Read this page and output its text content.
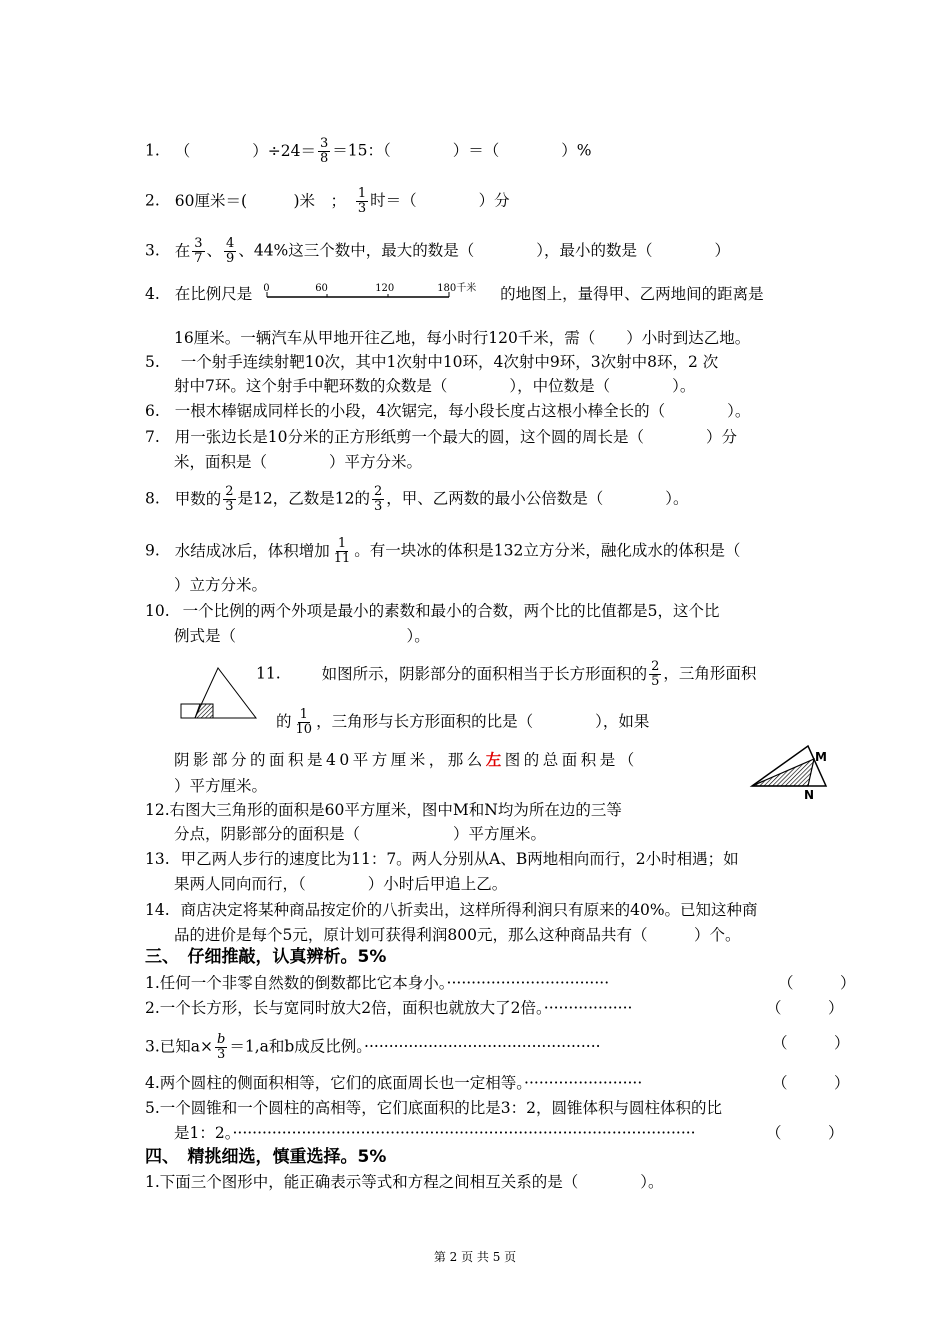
1. （　　　　）$\div 24= \frac{3}{8} =15$：（　　　　）＝（　　　　）%
2. 60厘米＝(　　　)米　；　 $\frac{1}{3}$ 时＝（　　　　）分
3. 在 $\frac{3}{7}$ 、 $\frac{4}{9}$ 、44%这三个数中，最大的数是（　　　　），最小的数是（　　　　）
4. 在比例尺是 0	60	120	180千米 的地图上，量得甲、乙两地间的距离是
16厘米。一辆汽车从甲地开往乙地，每小时行120千米，需（　　）小时到达乙地。
5. 一个射手连续射靶10次，其中1次射中10环，4次射中9环，3次射中8环，2 次
射中7环。这个射手中靶环数的众数是（　　　　），中位数是（　　　　）。
6. 一根木棒锯成同样长的小段，4次锯完，每小段长度占这根小棒全长的（　　　　）。
7. 用一张边长是10分米的正方形纸剪一个最大的圆，这个圆的周长是（　　　　）分
米，面积是（　　　　）平方分米。
8. 甲数的 $\frac{2}{3}$ 是12，乙数是12的 $\frac{2}{3}$ ，甲、乙两数的最小公倍数是（　　　　）。
9. 水结成冰后，体积增加 $\frac{1}{11}$ 。有一块冰的体积是132立方分米，融化成水的体积是（
）立方分米。
10. 一个比例的两个外项是最小的素数和最小的合数，两个比的比值都是5，这个比
例式是（　　　　　　　　　　　）。
11.	如图所示，阴影部分的面积相当于长方形面积的 $\frac{2}{5}$ ，三角形面积
的 $\frac{1}{10}$ ，三角形与长方形面积的比是（　　　　），如果
阴影部分的面积是40平方厘米，那么左图的总面积是（
）平方厘米。
M
N
12.右图大三角形的面积是60平方厘米，图中M和N均为所在边的三等
分点，阴影部分的面积是（　　　　　　）平方厘米。
13. 甲乙两人步行的速度比为11：7。两人分别从A、B两地相向而行，2小时相遇；如
果两人同向而行，（　　　　）小时后甲追上乙。
14. 商店决定将某种商品按定价的八折卖出，这样所得利润只有原来的40%。已知这种商
品的进价是每个5元，原计划可获得利润800元，那么这种商品共有（　　　）个。
三、　仔细推敲，认真辨析。5%
1.任何一个非零自然数的倒数都比它本身小。·································	（　　　）
2.一个长方形，长与宽同时放大2倍，面积也就放大了2倍。··················	（　　　）
3.已知$a\times \frac{b}{3} =1,a$和b成反比例。················································	（　　　）
4.两个圆柱的侧面积相等，它们的底面周长也一定相等。························	（　　　）
5.一个圆锥和一个圆柱的高相等，它们底面积的比是3：2，圆锥体积与圆柱体积的比
是1：2。······························································································	（　　　）
四、　精挑细选，慎重选择。5%
1.下面三个图形中，能正确表示等式和方程之间相互关系的是（　　　　）。
第 2 页 共 5 页
